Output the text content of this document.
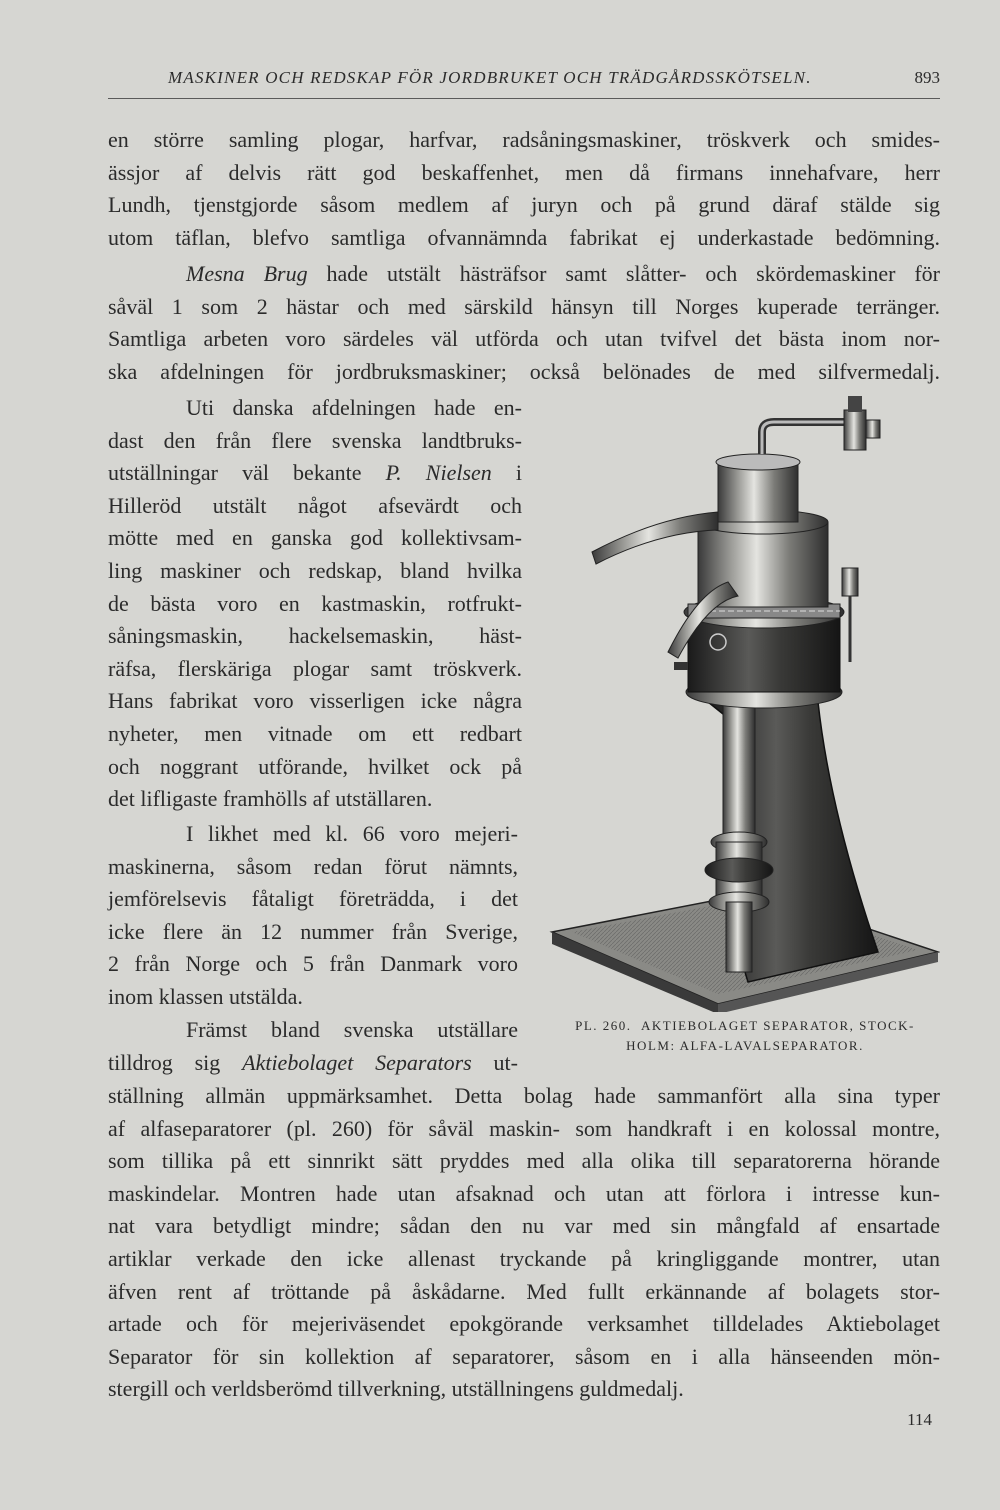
MASKINER OCH REDSKAP FÖR JORDBRUKET OCH TRÄDGÅRDSSKÖTSELN.	893
en större samling plogar, harfvar, radsåningsmaskiner, tröskverk och smides-
ässjor af delvis rätt god beskaffenhet, men då firmans innehafvare, herr
Lundh, tjenstgjorde såsom medlem af juryn och på grund däraf stälde sig
utom täflan, blefvo samtliga ofvannämnda fabrikat ej underkastade bedömning.
Mesna Brug hade utstält hästräfsor samt slåtter- och skördemaskiner för
såväl 1 som 2 hästar och med särskild hänsyn till Norges kuperade terränger.
Samtliga arbeten voro särdeles väl utförda och utan tvifvel det bästa inom nor-
ska afdelningen för jordbruksmaskiner; också belönades de med silfvermedalj.
Uti danska afdelningen hade en-
dast den från flere svenska landtbruks-
utställningar väl bekante P. Nielsen i
Hilleröd utstält något afsevärdt och
mötte med en ganska god kollektivsam-
ling maskiner och redskap, bland hvilka
de bästa voro en kastmaskin, rotfrukt-
såningsmaskin, hackelsemaskin, häst-
räfsa, flerskäriga plogar samt tröskverk.
Hans fabrikat voro visserligen icke några
nyheter, men vitnade om ett redbart
och noggrant utförande, hvilket ock på
det lifligaste framhölls af utställaren.
I likhet med kl. 66 voro mejeri-
maskinerna, såsom redan förut nämnts,
jemförelsevis fåtaligt företrädda, i det
icke flere än 12 nummer från Sverige,
2 från Norge och 5 från Danmark voro
inom klassen utstälda.
Främst bland svenska utställare
tilldrog sig Aktiebolaget Separators ut-
ställning allmän uppmärksamhet. Detta bolag hade sammanfört alla sina typer
af alfaseparatorer (pl. 260) för såväl maskin- som handkraft i en kolossal montre,
som tillika på ett sinnrikt sätt pryddes med alla olika till separatorerna hörande
maskindelar. Montren hade utan afsaknad och utan att förlora i intresse kun-
nat vara betydligt mindre; sådan den nu var med sin mångfald af ensartade
artiklar verkade den icke allenast tryckande på kringliggande montrer, utan
äfven rent af tröttande på åskådarne. Med fullt erkännande af bolagets stor-
artade och för mejeriväsendet epokgörande verksamhet tilldelades Aktiebolaget
Separator för sin kollektion af separatorer, såsom en i alla hänseenden mön-
stergill och verldsberömd tillverkning, utställningens guldmedalj.
PL. 260. AKTIEBOLAGET SEPARATOR, STOCK-
HOLM: ALFA-LAVALSEPARATOR.
114
